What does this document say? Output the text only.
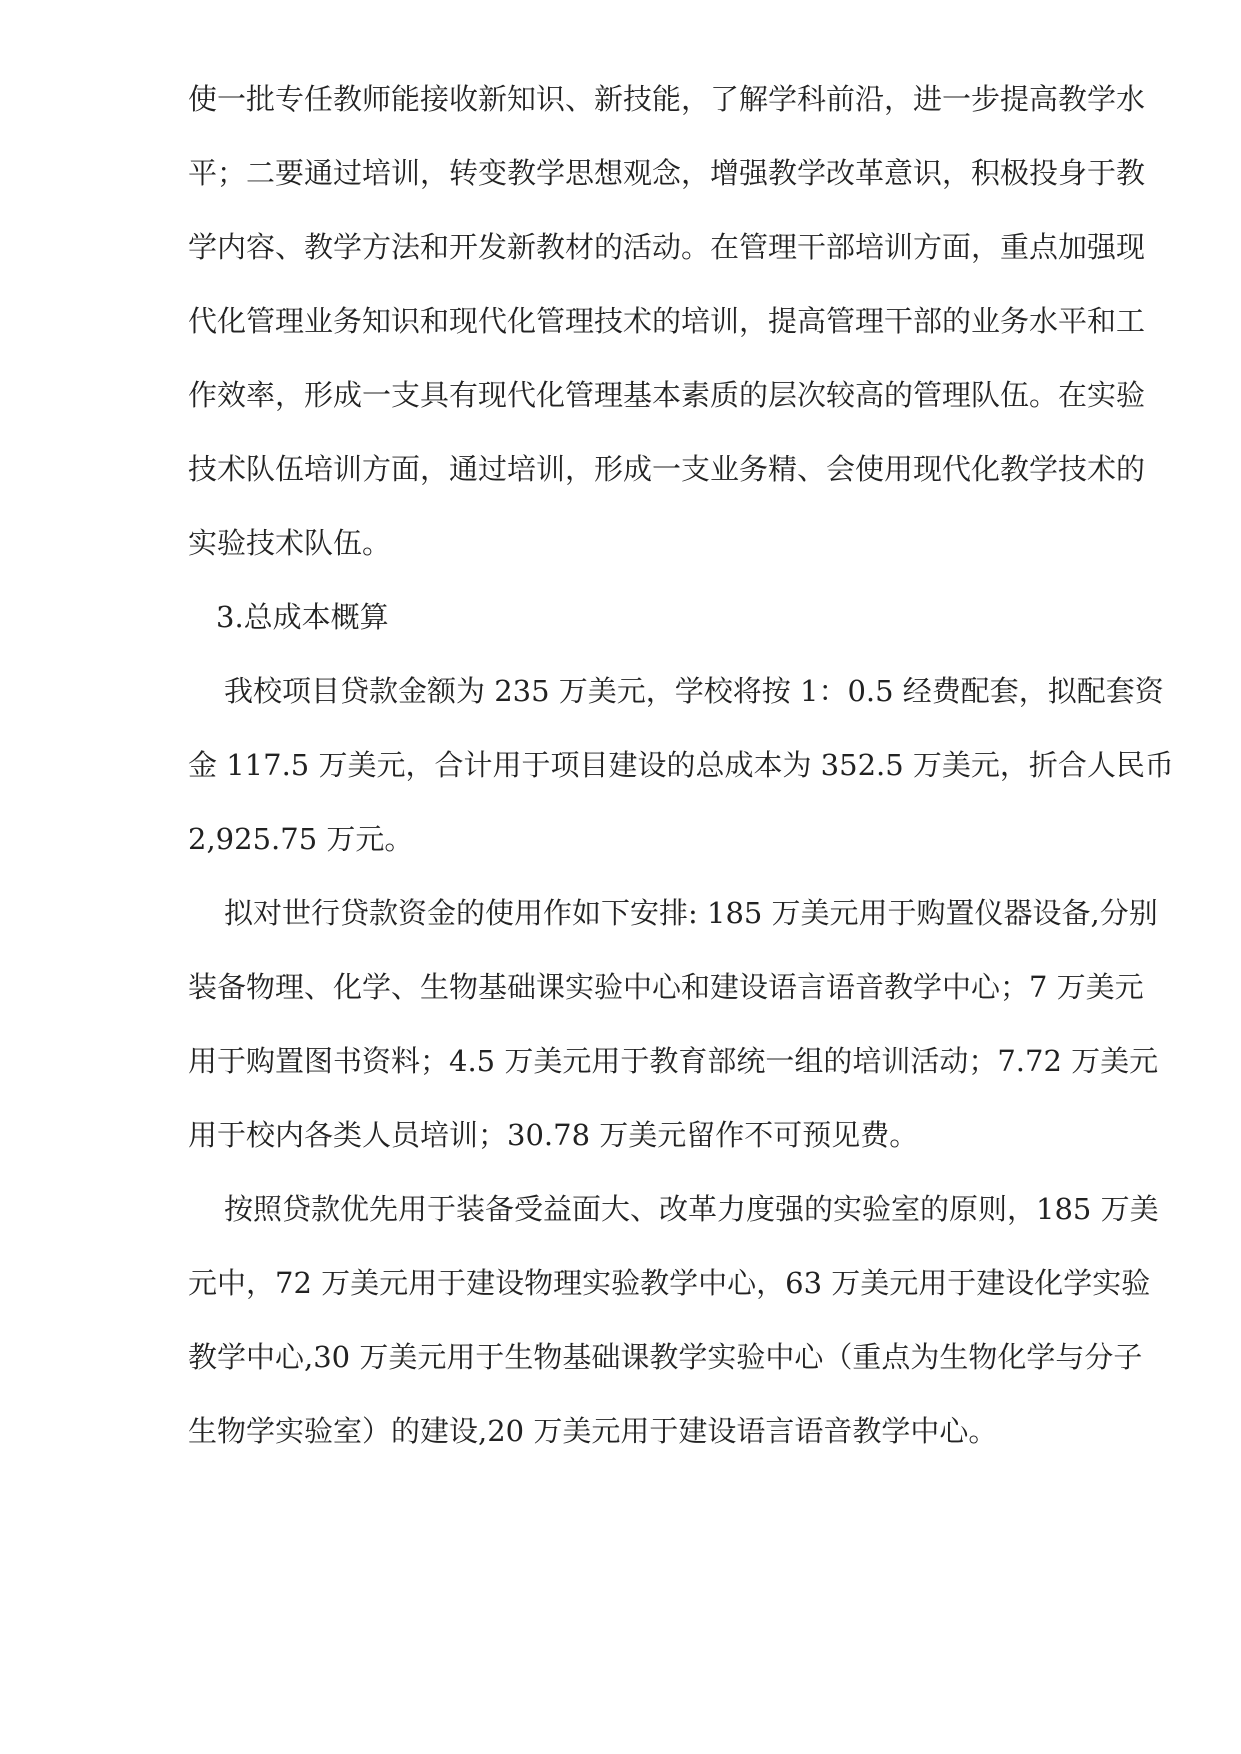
使一批专任教师能接收新知识、新技能，了解学科前沿，进一步提高教学水
平；二要通过培训，转变教学思想观念，增强教学改革意识，积极投身于教
学内容、教学方法和开发新教材的活动。在管理干部培训方面，重点加强现
代化管理业务知识和现代化管理技术的培训，提高管理干部的业务水平和工
作效率，形成一支具有现代化管理基本素质的层次较高的管理队伍。在实验
技术队伍培训方面，通过培训，形成一支业务精、会使用现代化教学技术的
实验技术队伍。

3.总成本概算

我校项目贷款金额为 235 万美元，学校将按 1：0.5 经费配套，拟配套资
金 117.5 万美元，合计用于项目建设的总成本为 352.5 万美元，折合人民币
2,925.75 万元。

拟对世行贷款资金的使用作如下安排: 185 万美元用于购置仪器设备,分别
装备物理、化学、生物基础课实验中心和建设语言语音教学中心；7 万美元
用于购置图书资料；4.5 万美元用于教育部统一组的培训活动；7.72 万美元
用于校内各类人员培训；30.78 万美元留作不可预见费。

按照贷款优先用于装备受益面大、改革力度强的实验室的原则，185 万美
元中，72 万美元用于建设物理实验教学中心，63 万美元用于建设化学实验
教学中心,30 万美元用于生物基础课教学实验中心（重点为生物化学与分子
生物学实验室）的建设,20 万美元用于建设语言语音教学中心。
